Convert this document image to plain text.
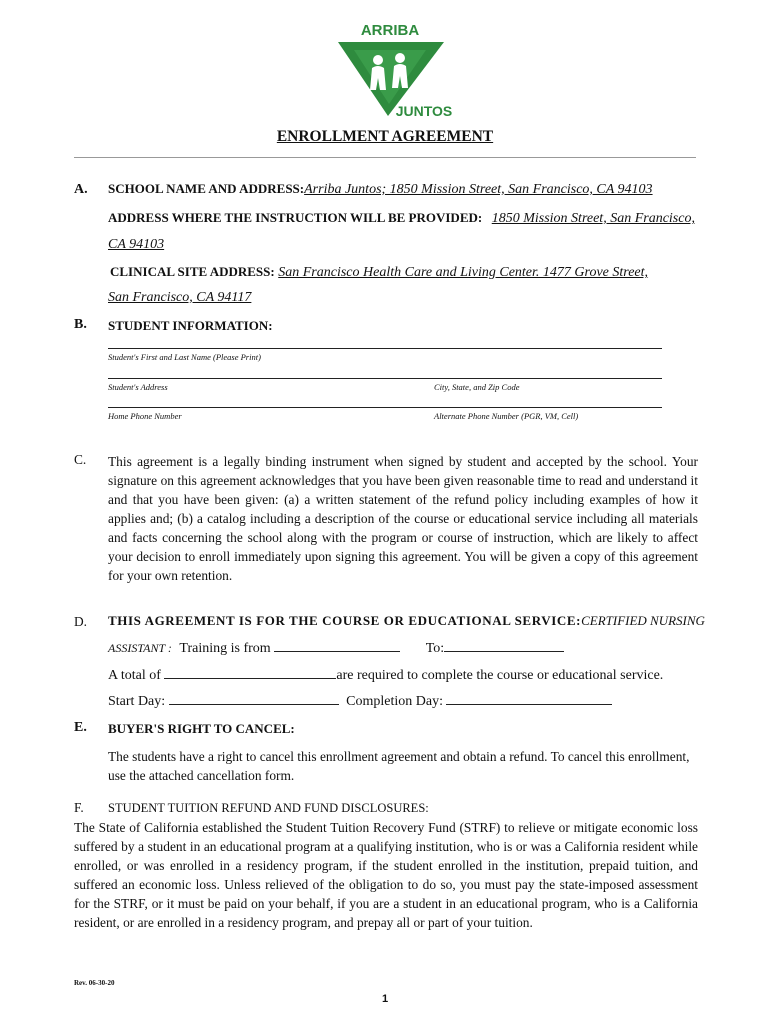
ARRIBA
JUNTOS
ENROLLMENT AGREEMENT
A. SCHOOL NAME AND ADDRESS:Arriba Juntos; 1850 Mission Street, San Francisco, CA 94103
ADDRESS WHERE THE INSTRUCTION WILL BE PROVIDED: 1850 Mission Street, San Francisco,
CA 94103
CLINICAL SITE ADDRESS: San Francisco Health Care and Living Center. 1477 Grove Street,
San Francisco, CA 94117
B. STUDENT INFORMATION:
Student's First and Last Name (Please Print)
Student's Address	City, State, and Zip Code
Home Phone Number	Alternate Phone Number (PGR, VM, Cell)
C. This agreement is a legally binding instrument when signed by student and accepted by the school. Your signature on this agreement acknowledges that you have been given reasonable time to read and understand it and that you have been given: (a) a written statement of the refund policy including examples of how it applies and; (b) a catalog including a description of the course or educational service including all materials and facts concerning the school along with the program or course of instruction, which are likely to affect your decision to enroll immediately upon signing this agreement. You will be given a copy of this agreement for your own retention.
D. THIS AGREEMENT IS FOR THE COURSE OR EDUCATIONAL SERVICE: CERTIFIED NURSING
ASSISTANT : Training is from	To:
A total of	are required to complete the course or educational service.
Start Day:	Completion Day:
E. BUYER'S RIGHT TO CANCEL:
The students have a right to cancel this enrollment agreement and obtain a refund. To cancel this enrollment, use the attached cancellation form.
F. STUDENT TUITION REFUND AND FUND DISCLOSURES:
The State of California established the Student Tuition Recovery Fund (STRF) to relieve or mitigate economic loss suffered by a student in an educational program at a qualifying institution, who is or was a California resident while enrolled, or was enrolled in a residency program, if the student enrolled in the institution, prepaid tuition, and suffered an economic loss. Unless relieved of the obligation to do so, you must pay the state-imposed assessment for the STRF, or it must be paid on your behalf, if you are a student in an educational program, who is a California resident, or are enrolled in a residency program, and prepay all or part of your tuition.
Rev. 06-30-20
1
